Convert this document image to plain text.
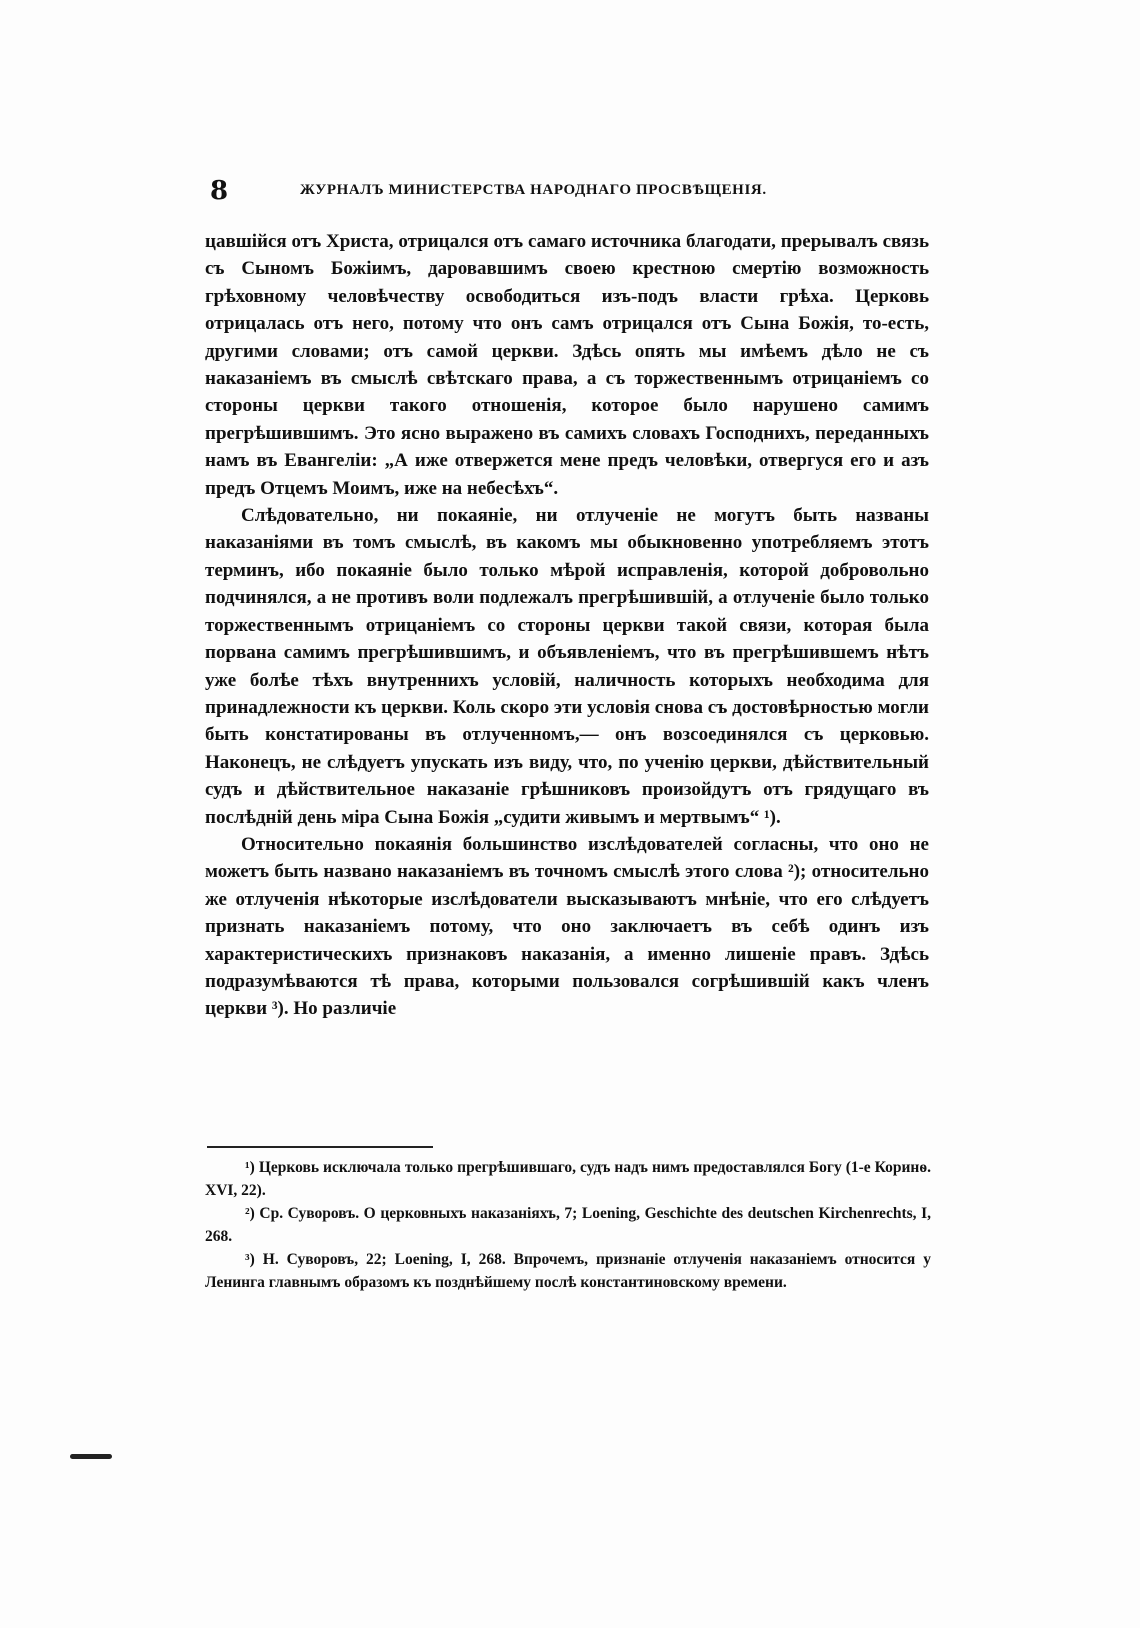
8	ЖУРНАЛЪ МИНИСТЕРСТВА НАРОДНАГО ПРОСВѢЩЕНІЯ.

цавшійся отъ Христа, отрицался отъ самаго источника благодати, прерывалъ связь съ Сыномъ Божіимъ, даровавшимъ своею крестною смертію возможность грѣховному человѣчеству освободиться изъ-подъ власти грѣха. Церковь отрицалась отъ него, потому что онъ самъ отрицался отъ Сына Божія, то-есть, другими словами; отъ самой церкви. Здѣсь опять мы имѣемъ дѣло не съ наказаніемъ въ смыслѣ свѣтскаго права, а съ торжественнымъ отрицаніемъ со стороны церкви такого отношенія, которое было нарушено самимъ прегрѣшившимъ. Это ясно выражено въ самихъ словахъ Господнихъ, переданныхъ намъ въ Евангеліи: „А иже отвержется мене предъ человѣки, отвергуся его и азъ предъ Отцемъ Моимъ, иже на небесѣхъ“.

Слѣдовательно, ни покаяніе, ни отлученіе не могутъ быть названы наказаніями въ томъ смыслѣ, въ какомъ мы обыкновенно употребляемъ этотъ терминъ, ибо покаяніе было только мѣрой исправленія, которой добровольно подчинялся, а не противъ воли подлежалъ прегрѣшившій, а отлученіе было только торжественнымъ отрицаніемъ со стороны церкви такой связи, которая была порвана самимъ прегрѣшившимъ, и объявленіемъ, что въ прегрѣшившемъ нѣтъ уже болѣе тѣхъ внутреннихъ условій, наличность которыхъ необходима для принадлежности къ церкви. Коль скоро эти условія снова съ достовѣрностью могли быть констатированы въ отлученномъ,— онъ возсоединялся съ церковью. Наконецъ, не слѣдуетъ упускать изъ виду, что, по ученію церкви, дѣйствительный судъ и дѣйствительное наказаніе грѣшниковъ произойдутъ отъ грядущаго въ послѣдній день міра Сына Божія „судити живымъ и мертвымъ“ ¹).

Относительно покаянія большинство изслѣдователей согласны, что оно не можетъ быть названо наказаніемъ въ точномъ смыслѣ этого слова ²); относительно же отлученія нѣкоторые изслѣдователи высказываютъ мнѣніе, что его слѣдуетъ признать наказаніемъ потому, что оно заключаетъ въ себѣ одинъ изъ характеристическихъ признаковъ наказанія, а именно лишеніе правъ. Здѣсь подразумѣваются тѣ права, которыми пользовался согрѣшившій какъ членъ церкви ³). Но различіе

¹) Церковь исключала только прегрѣшившаго, судъ надъ нимъ предоставлялся Богу (1-е Коринѳ. XVI, 22).

²) Ср. Суворовъ. О церковныхъ наказаніяхъ, 7; Loening, Geschichte des deutschen Kirchenrechts, I, 268.

³) Н. Суворовъ, 22; Loening, I, 268. Впрочемъ, признаніе отлученія наказаніемъ относится у Ленинга главнымъ образомъ къ позднѣйшему послѣ константиновскому времени.
